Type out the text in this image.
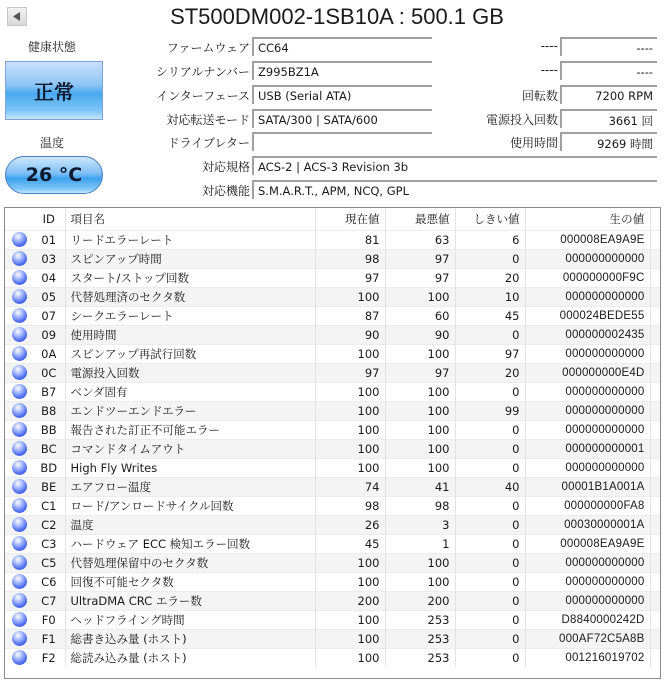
ST500DM002-1SB10A : 500.1 GB
健康状態
正常
温度
26 °C
ファームウェア CC64
シリアルナンバー Z995BZ1A
インターフェース USB (Serial ATA)
対応転送モード SATA/300 | SATA/600
ドライブレター
対応規格 ACS-2 | ACS-3 Revision 3b
対応機能 S.M.A.R.T., APM, NCQ, GPL
----	----
----	----
回転数	7200 RPM
電源投入回数	3661 回
使用時間	9269 時間
	ID	項目名	現在値	最悪値	しきい値	生の値	
	01	リードエラーレート	81	63	6	000008EA9A9E	
	03	スピンアップ時間	98	97	0	000000000000	
	04	スタート/ストップ回数	97	97	20	000000000F9C	
	05	代替処理済のセクタ数	100	100	10	000000000000	
	07	シークエラーレート	87	60	45	000024BEDE55	
	09	使用時間	90	90	0	000000002435	
	0A	スピンアップ再試行回数	100	100	97	000000000000	
	0C	電源投入回数	97	97	20	000000000E4D	
	B7	ベンダ固有	100	100	0	000000000000	
	B8	エンドツーエンドエラー	100	100	99	000000000000	
	BB	報告された訂正不可能エラー	100	100	0	000000000000	
	BC	コマンドタイムアウト	100	100	0	000000000001	
	BD	High Fly Writes	100	100	0	000000000000	
	BE	エアフロー温度	74	41	40	00001B1A001A	
	C1	ロード/アンロードサイクル回数	98	98	0	000000000FA8	
	C2	温度	26	3	0	00030000001A	
	C3	ハードウェア ECC 検知エラー回数	45	1	0	000008EA9A9E	
	C5	代替処理保留中のセクタ数	100	100	0	000000000000	
	C6	回復不可能セクタ数	100	100	0	000000000000	
	C7	UltraDMA CRC エラー数	200	200	0	000000000000	
	F0	ヘッドフライング時間	100	253	0	D8840000242D	
	F1	総書き込み量 (ホスト)	100	253	0	000AF72C5A8B	
	F2	総読み込み量 (ホスト)	100	253	0	001216019702	
